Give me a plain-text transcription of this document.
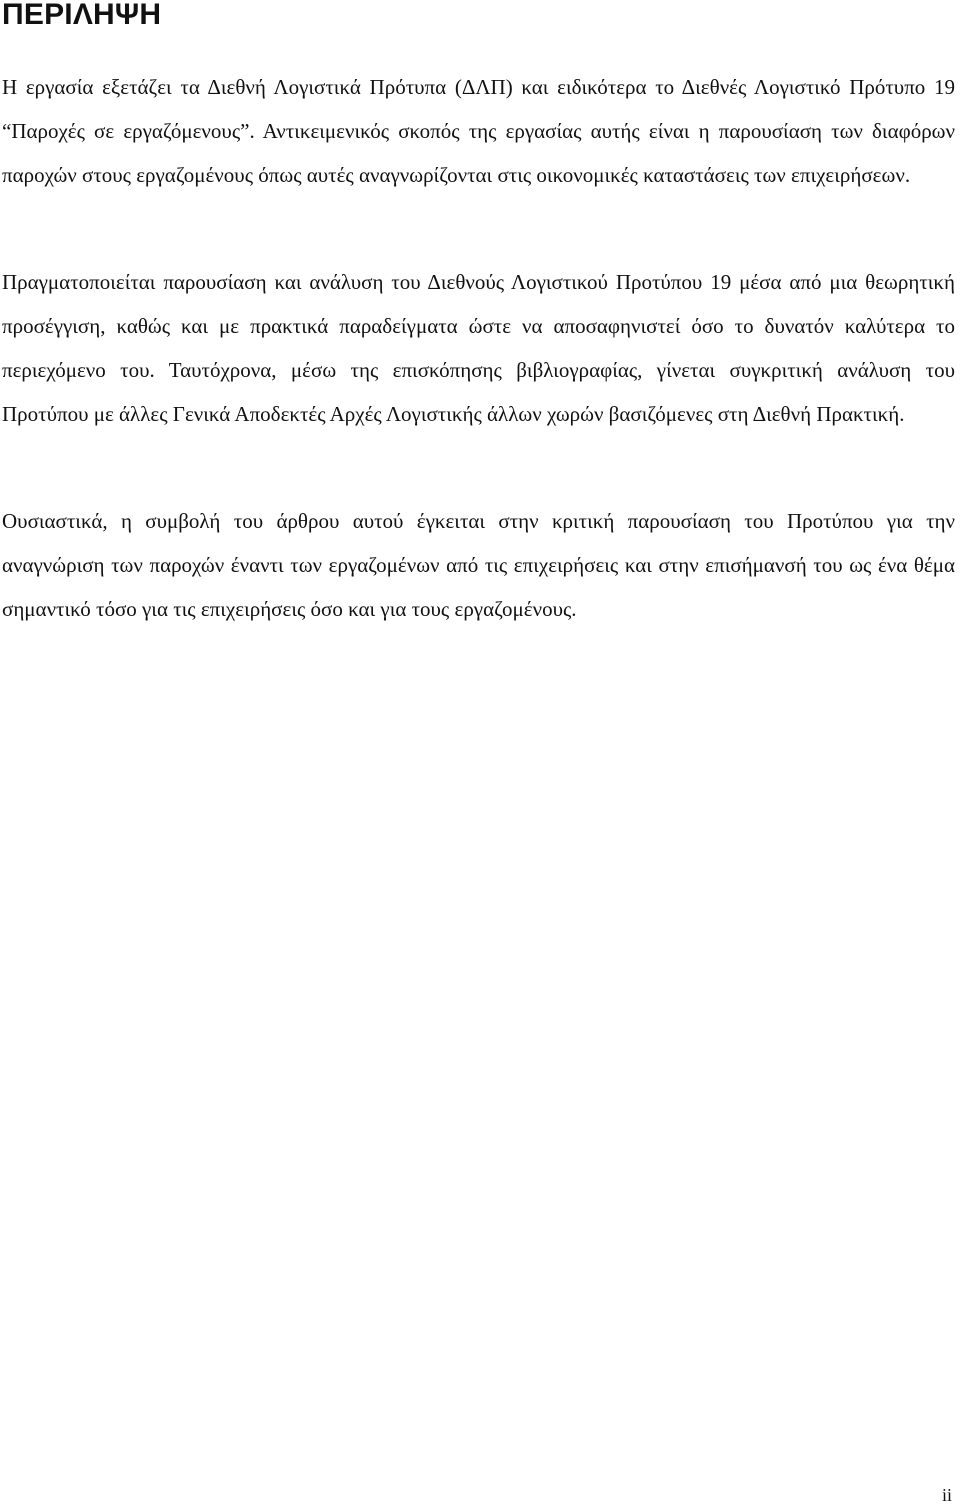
ΠΕΡΙΛΗΨΗ

Η εργασία εξετάζει τα Διεθνή Λογιστικά Πρότυπα (ΔΛΠ) και ειδικότερα το Διεθνές Λογιστικό Πρότυπο 19 “Παροχές σε εργαζόμενους”. Αντικειμενικός σκοπός της εργασίας αυτής είναι η παρουσίαση των διαφόρων παροχών στους εργαζομένους όπως αυτές αναγνωρίζονται στις οικονομικές καταστάσεις των επιχειρήσεων.

Πραγματοποιείται παρουσίαση και ανάλυση του Διεθνούς Λογιστικού Προτύπου 19 μέσα από μια θεωρητική προσέγγιση, καθώς και με πρακτικά παραδείγματα ώστε να αποσαφηνιστεί όσο το δυνατόν καλύτερα το περιεχόμενο του. Ταυτόχρονα, μέσω της επισκόπησης βιβλιογραφίας, γίνεται συγκριτική ανάλυση του Προτύπου με άλλες Γενικά Αποδεκτές Αρχές Λογιστικής άλλων χωρών βασιζόμενες στη Διεθνή Πρακτική.

Ουσιαστικά, η συμβολή του άρθρου αυτού έγκειται στην κριτική παρουσίαση του Προτύπου για την αναγνώριση των παροχών έναντι των εργαζομένων από τις επιχειρήσεις και στην επισήμανσή του ως ένα θέμα σημαντικό τόσο για τις επιχειρήσεις όσο και για τους εργαζομένους.

ii
